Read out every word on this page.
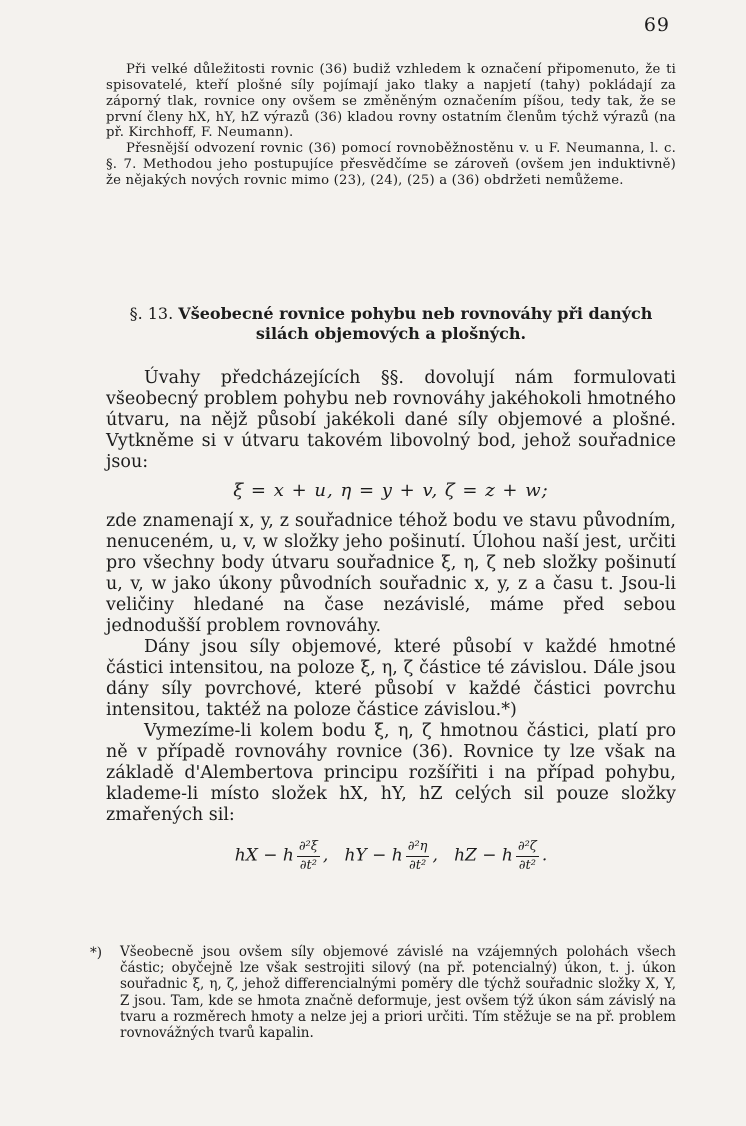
69

Při velké důležitosti rovnic (36) budiž vzhledem k označení připomenuto, že ti spisovatelé, kteří plošné síly pojímají jako tlaky a napjetí (tahy) pokládají za záporný tlak, rovnice ony ovšem se změněným označením píšou, tedy tak, že se první členy hX, hY, hZ výrazů (36) kladou rovny ostatním členům týchž výrazů (na př. Kirchhoff, F. Neumann).

Přesnější odvození rovnic (36) pomocí rovnoběžnostěnu v. u F. Neumanna, l. c. §. 7. Methodou jeho postupujíce přesvědčíme se zároveň (ovšem jen induktivně) že nějakých nových rovnic mimo (23), (24), (25) a (36) obdržeti nemůžeme.

§. 13. Všeobecné rovnice pohybu neb rovnováhy při daných silách objemových a plošných.

Úvahy předcházejících §§. dovolují nám formulovati všeobecný problem pohybu neb rovnováhy jakéhokoli hmotného útvaru, na nějž působí jakékoli dané síly objemové a plošné. Vytkněme si v útvaru takovém libovolný bod, jehož souřadnice jsou:

ξ = x + u, η = y + v, ζ = z + w;

zde znamenají x, y, z souřadnice téhož bodu ve stavu původním, nenuceném, u, v, w složky jeho pošinutí. Úlohou naší jest, určiti pro všechny body útvaru souřadnice ξ, η, ζ neb složky pošinutí u, v, w jako úkony původních souřadnic x, y, z a času t. Jsou-li veličiny hledané na čase nezávislé, máme před sebou jednodušší problem rovnováhy.

Dány jsou síly objemové, které působí v každé hmotné částici intensitou, na poloze ξ, η, ζ částice té závislou. Dále jsou dány síly povrchové, které působí v každé částici povrchu intensitou, taktéž na poloze částice závislou.*)

Vymezíme-li kolem bodu ξ, η, ζ hmotnou částici, platí pro ně v případě rovnováhy rovnice (36). Rovnice ty lze však na základě d'Alembertova principu rozšířiti i na případ pohybu, klademe-li místo složek hX, hY, hZ celých sil pouze složky zmařených sil:

hX − h $\frac{\text{∂²ξ}}{\text{∂t²}}$ ,   hY − h $\frac{\text{∂²η}}{\text{∂t²}}$ ,   hZ − h $\frac{\text{∂²ζ}}{\text{∂t²}}$ .
*) Všeobecně jsou ovšem síly objemové závislé na vzájemných polohách všech částic; obyčejně lze však sestrojiti silový (na př. potencialný) úkon, t. j. úkon souřadnic ξ, η, ζ, jehož differencialnými poměry dle týchž souřadnic složky X, Y, Z jsou. Tam, kde se hmota značně deformuje, jest ovšem týž úkon sám závislý na tvaru a rozměrech hmoty a nelze jej a priori určiti. Tím stěžuje se na př. problem rovnovážných tvarů kapalin.
